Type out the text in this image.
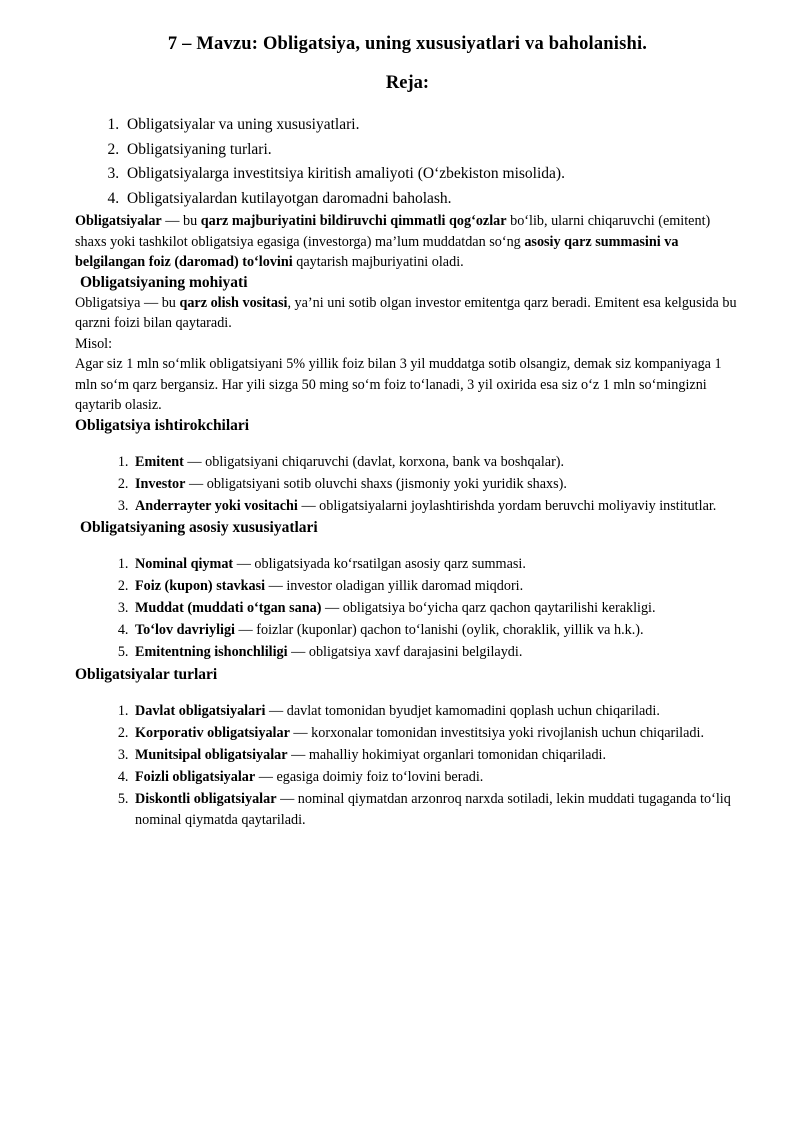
7 – Mavzu: Obligatsiya, uning xususiyatlari va baholanishi.
Reja:
1. Obligatsiyalar va uning xususiyatlari.
2. Obligatsiyaning turlari.
3. Obligatsiyalarga investitsiya kiritish amaliyoti (O‘zbekiston misolida).
4. Obligatsiyalardan kutilayotgan daromadni baholash.

Obligatsiyalar — bu qarz majburiyatini bildiruvchi qimmatli qog‘ozlar bo‘lib, ularni chiqaruvchi (emitent) shaxs yoki tashkilot obligatsiya egasiga (investorga) ma’lum muddatdan so‘ng asosiy qarz summasini va belgilangan foiz (daromad) to‘lovini qaytarish majburiyatini oladi.

Obligatsiyaning mohiyati

Obligatsiya — bu qarz olish vositasi, ya’ni uni sotib olgan investor emitentga qarz beradi. Emitent esa kelgusida bu qarzni foizi bilan qaytaradi.

Misol:
Agar siz 1 mln so‘mlik obligatsiyani 5% yillik foiz bilan 3 yil muddatga sotib olsangiz, demak siz kompaniyaga 1 mln so‘m qarz bergansiz. Har yili sizga 50 ming so‘m foiz to‘lanadi, 3 yil oxirida esa siz o‘z 1 mln so‘mingizni qaytarib olasiz.

Obligatsiya ishtirokchilari
1. Emitent — obligatsiyani chiqaruvchi (davlat, korxona, bank va boshqalar).
2. Investor — obligatsiyani sotib oluvchi shaxs (jismoniy yoki yuridik shaxs).
3. Anderrayter yoki vositachi — obligatsiyalarni joylashtirishda yordam beruvchi moliyaviy institutlar.
Obligatsiyaning asosiy xususiyatlari
1. Nominal qiymat — obligatsiyada ko‘rsatilgan asosiy qarz summasi.
2. Foiz (kupon) stavkasi — investor oladigan yillik daromad miqdori.
3. Muddat (muddati o‘tgan sana) — obligatsiya bo‘yicha qarz qachon qaytarilishi kerakligi.
4. To‘lov davriyligi — foizlar (kuponlar) qachon to‘lanishi (oylik, choraklik, yillik va h.k.).
5. Emitentning ishonchliligi — obligatsiya xavf darajasini belgilaydi.
Obligatsiyalar turlari
1. Davlat obligatsiyalari — davlat tomonidan byudjet kamomadini qoplash uchun chiqariladi.
2. Korporativ obligatsiyalar — korxonalar tomonidan investitsiya yoki rivojlanish uchun chiqariladi.
3. Munitsipal obligatsiyalar — mahalliy hokimiyat organlari tomonidan chiqariladi.
4. Foizli obligatsiyalar — egasiga doimiy foiz to‘lovini beradi.
5. Diskontli obligatsiyalar — nominal qiymatdan arzonroq narxda sotiladi, lekin muddati tugaganda to‘liq nominal qiymatda qaytariladi.
